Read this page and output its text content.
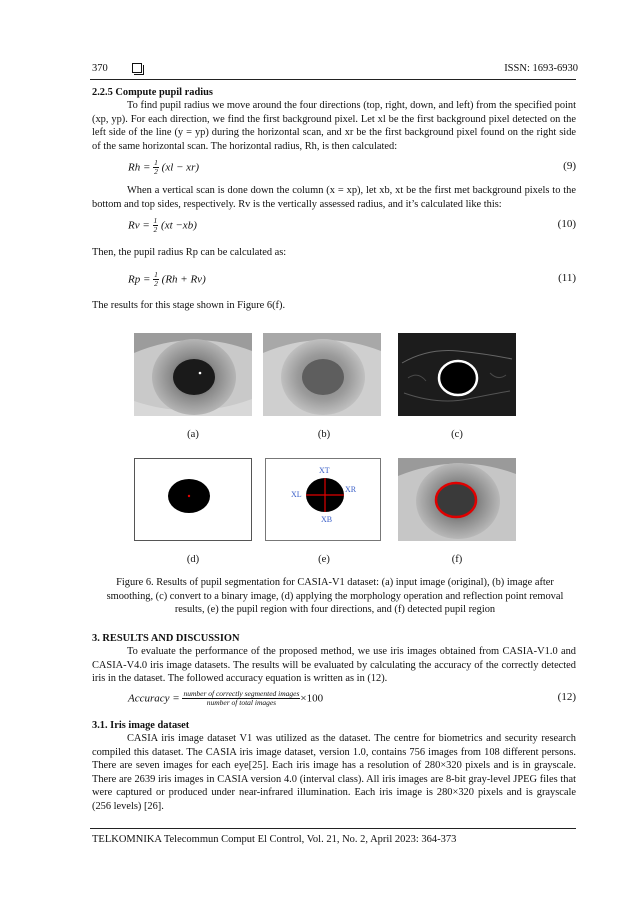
370	ISSN: 1693-6930
2.2.5 Compute pupil radius
To find pupil radius we move around the four directions (top, right, down, and left) from the specified point (xp, yp). For each direction, we find the first background pixel. Let xl be the first background pixel detected on the left side of the line (y = yp) during the horizontal scan, and xr be the first background pixel found on the right side of the same horizontal scan. The horizontal radius, Rh, is then calculated:
$Rh = \frac{1}{2} (xl - xr)$	(9)
When a vertical scan is done down the column (x = xp), let xb, xt be the first met background pixels to the bottom and top sides, respectively. Rv is the vertically assessed radius, and it’s calculated like this:
$Rv = \frac{1}{2} (xt -xb)$	(10)
Then, the pupil radius Rp can be calculated as:
$Rp = \frac{1}{2} (Rh + Rv)$	(11)
The results for this stage shown in Figure 6(f).
(a)	(b)	(c)
XT
XR
XL
XB
(d)	(e)	(f)
Figure 6. Results of pupil segmentation for CASIA-V1 dataset: (a) input image (original), (b) image after smoothing, (c) convert to a binary image, (d) applying the morphology operation and reflection point removal results, (e) the pupil region with four directions, and (f) detected pupil region
3. RESULTS AND DISCUSSION
To evaluate the performance of the proposed method, we use iris images obtained from CASIA-V1.0 and CASIA-V4.0 iris image datasets. The results will be evaluated by calculating the accuracy of the correctly detected iris in the dataset. The followed accuracy equation is written as in (12).
Accuracy = $\frac{\text{number of correctly segmented images}}{\text{number of total images}} \times 100$	(12)
3.1. Iris image dataset
CASIA iris image dataset V1 was utilized as the dataset. The centre for biometrics and security research compiled this dataset. The CASIA iris image dataset, version 1.0, contains 756 images from 108 different persons. There are seven images for each eye[25]. Each iris image has a resolution of 280×320 pixels and is in grayscale. There are 2639 iris images in CASIA version 4.0 (interval class). All iris images are 8-bit gray-level JPEG files that were captured or produced under near-infrared illumination. Each iris image is 280×320 pixels and is grayscale (256 levels) [26].
TELKOMNIKA Telecommun Comput El Control, Vol. 21, No. 2, April 2023: 364-373
